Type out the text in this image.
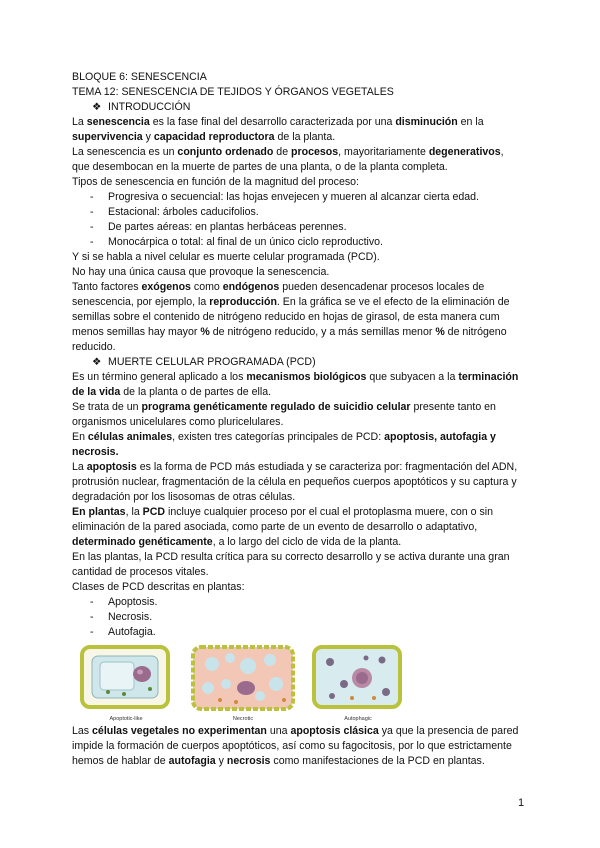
BLOQUE 6: SENESCENCIA

TEMA 12: SENESCENCIA DE TEJIDOS Y ÓRGANOS VEGETALES

❖ INTRODUCCIÓN

La senescencia es la fase final del desarrollo caracterizada por una disminución en la supervivencia y capacidad reproductora de la planta.

La senescencia es un conjunto ordenado de procesos, mayoritariamente degenerativos, que desembocan en la muerte de partes de una planta, o de la planta completa.

Tipos de senescencia en función de la magnitud del proceso:

- Progresiva o secuencial: las hojas envejecen y mueren al alcanzar cierta edad.
- Estacional: árboles caducifolios.
- De partes aéreas: en plantas herbáceas perennes.
- Monocárpica o total: al final de un único ciclo reproductivo.

Y si se habla a nivel celular es muerte celular programada (PCD).

No hay una única causa que provoque la senescencia.

Tanto factores exógenos como endógenos pueden desencadenar procesos locales de senescencia, por ejemplo, la reproducción. En la gráfica se ve el efecto de la eliminación de semillas sobre el contenido de nitrógeno reducido en hojas de girasol, de esta manera cum menos semillas hay mayor % de nitrógeno reducido, y a más semillas menor % de nitrógeno reducido.

❖ MUERTE CELULAR PROGRAMADA (PCD)

Es un término general aplicado a los mecanismos biológicos que subyacen a la terminación de la vida de la planta o de partes de ella.

Se trata de un programa genéticamente regulado de suicidio celular presente tanto en organismos unicelulares como pluricelulares.

En células animales, existen tres categorías principales de PCD: apoptosis, autofagia y necrosis.

La apoptosis es la forma de PCD más estudiada y se caracteriza por: fragmentación del ADN, protrusión nuclear, fragmentación de la célula en pequeños cuerpos apoptóticos y su captura y degradación por los lisosomas de otras células.

En plantas, la PCD incluye cualquier proceso por el cual el protoplasma muere, con o sin eliminación de la pared asociada, como parte de un evento de desarrollo o adaptativo, determinado genéticamente, a lo largo del ciclo de vida de la planta.

En las plantas, la PCD resulta crítica para su correcto desarrollo y se activa durante una gran cantidad de procesos vitales.

Clases de PCD descritas en plantas:

- Apoptosis.
- Necrosis.
- Autofagia.
Apoptotic-like	Necrotic	Autophagic

Las células vegetales no experimentan una apoptosis clásica ya que la presencia de pared impide la formación de cuerpos apoptóticos, así como su fagocitosis, por lo que estrictamente hemos de hablar de autofagia y necrosis como manifestaciones de la PCD en plantas.

1
